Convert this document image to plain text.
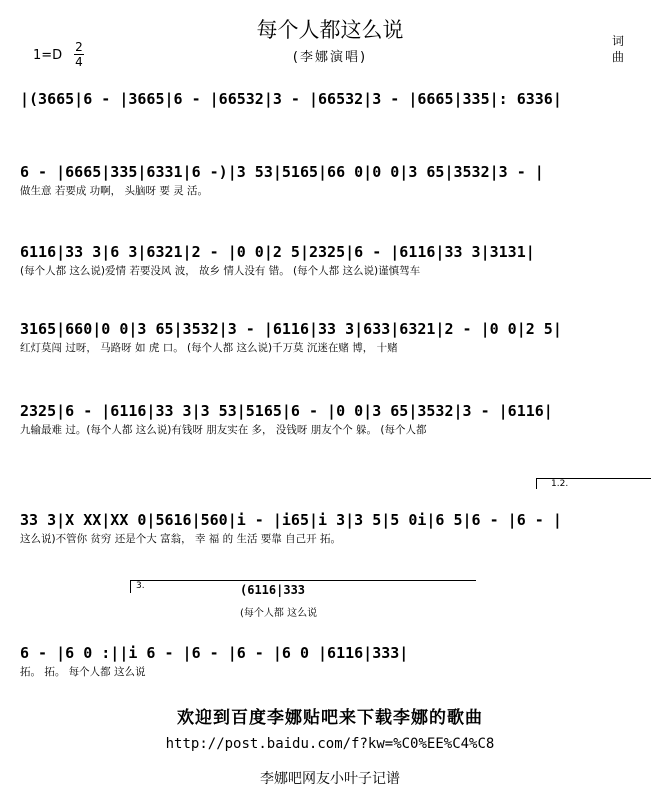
每个人都这么说
(李娜演唱)
1=D
2
4
词 曲
|(3665|6 - |3665|6 - |66532|3 - |66532|3 - |6665|335|: 6336|
6 - |6665|335|6331|6 -)|3 53|5165|66 0|0 0|3 65|3532|3 - |
做生意 若要成 功啊， 头脑呀 要 灵 活。
6116|33 3|6 3|6321|2 - |0 0|2 5|2325|6 - |6116|33 3|3131|
(每个人都 这么说)爱情 若要没风 波， 故乡 情人没有 错。 (每个人都 这么说)谨慎驾车
3165|660|0 0|3 65|3532|3 - |6116|33 3|633|6321|2 - |0 0|2 5|
红灯莫闯 过呀， 马路呀 如 虎 口。 (每个人都 这么说)千万莫 沉迷在赌 博， 十赌
2325|6 - |6116|33 3|3 53|5165|6 - |0 0|3 65|3532|3 - |6116|
九输最难 过。(每个人都 这么说)有钱呀 朋友实在 多， 没钱呀 朋友个个 躲。 (每个人都
1.2.
33 3|X XX|XX 0|5616|560|i - |i65|i 3|3 5|5 0i|6 5|6 - |6 - |
这么说)不管你 贫穷 还是个大 富翁， 幸 福 的 生活 要靠 自己开 拓。
3.	(6116|333
(每个人都 这么说
6 - |6 0 :||i 6 - |6 - |6 - |6 0 |6116|333|
拓。 拓。 每个人都 这么说
欢迎到百度李娜贴吧来下载李娜的歌曲
http://post.baidu.com/f?kw=%C0%EE%C4%C8
李娜吧网友小叶子记谱
